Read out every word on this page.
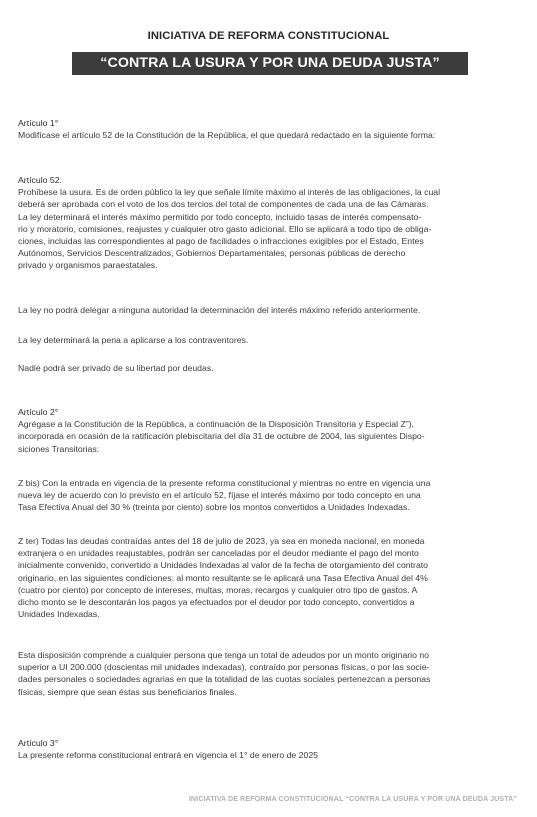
INICIATIVA DE REFORMA CONSTITUCIONAL
“CONTRA LA USURA Y POR UNA DEUDA JUSTA”

Artículo 1°

Modifícase el artículo 52 de la Constitución de la República, el que quedará redactado en la siguiente forma:

Artículo 52.

Prohíbese la usura. Es de orden público la ley que señale límite máximo al interés de las obligaciones, la cual
deberá ser aprobada con el voto de los dos tercios del total de componentes de cada una de las Cámaras.
La ley determinará el interés máximo permitido por todo concepto, incluido tasas de interés compensato-
rio y moratorio, comisiones, reajustes y cualquier otro gasto adicional. Ello se aplicará a todo tipo de obliga-
ciones, incluidas las correspondientes al pago de facilidades o infracciones exigibles por el Estado, Entes
Autónomos, Servicios Descentralizados, Gobiernos Departamentales, personas públicas de derecho
privado y organismos paraestatales.

La ley no podrá delegar a ninguna autoridad la determinación del interés máximo referido anteriormente.
La ley determinará la pena a aplicarse a los contraventores.
Nadie podrá ser privado de su libertad por deudas.

Artículo 2°

Agrégase a la Constitución de la República, a continuación de la Disposición Transitoria y Especial Z”),
incorporada en ocasión de la ratificación plebiscitaria del día 31 de octubre de 2004, las siguientes Dispo-
siciones Transitorias:

Z bis) Con la entrada en vigencia de la presente reforma constitucional y mientras no entre en vigencia una
nueva ley de acuerdo con lo previsto en el artículo 52, fíjase el interés máximo por todo concepto en una
Tasa Efectiva Anual del 30 % (treinta por ciento) sobre los montos convertidos a Unidades Indexadas.
Z ter) Todas las deudas contraídas antes del 18 de julio de 2023, ya sea en moneda nacional, en moneda
extranjera o en unidades reajustables, podrán ser canceladas por el deudor mediante el pago del monto
inicialmente convenido, convertido a Unidades Indexadas al valor de la fecha de otorgamiento del contrato
originario, en las siguientes condiciones: al monto resultante se le aplicará una Tasa Efectiva Anual del 4%
(cuatro por ciento) por concepto de intereses, multas, moras, recargos y cualquier otro tipo de gastos. A
dicho monto se le descontarán los pagos ya efectuados por el deudor por todo concepto, convertidos a
Unidades Indexadas.
Esta disposición comprende a cualquier persona que tenga un total de adeudos por un monto originario no
superior a UI 200.000 (doscientas mil unidades indexadas), contraído por personas físicas, o por las socie-
dades personales o sociedades agrarias en que la totalidad de las cuotas sociales pertenezcan a personas
físicas, siempre que sean éstas sus beneficiarios finales.

Artículo 3°

La presente reforma constitucional entrará en vigencia el 1° de enero de 2025

INICIATIVA DE REFORMA CONSTITUCIONAL “CONTRA LA USURA Y POR UNA DEUDA JUSTA”
